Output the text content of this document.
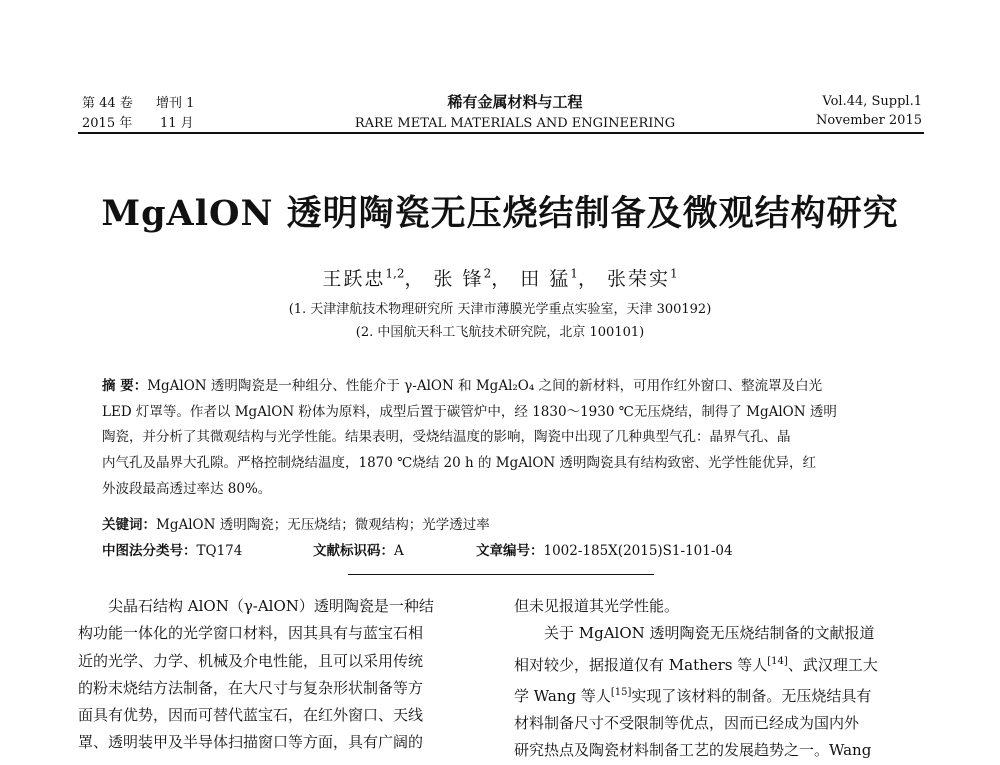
第 44 卷 增刊 1
2015 年 11 月
稀有金属材料与工程
RARE METAL MATERIALS AND ENGINEERING
Vol.44, Suppl.1
November 2015
MgAlON 透明陶瓷无压烧结制备及微观结构研究
王跃忠$^{1,2}$， 张 锋$^2$， 田 猛$^1$， 张荣实$^1$
(1. 天津津航技术物理研究所 天津市薄膜光学重点实验室，天津 300192)
(2. 中国航天科工飞航技术研究院，北京 100101)
摘 要：MgAlON 透明陶瓷是一种组分、性能介于 γ-AlON 和 MgAl₂O₄ 之间的新材料，可用作红外窗口、整流罩及白光
LED 灯罩等。作者以 MgAlON 粉体为原料，成型后置于碳管炉中，经 1830～1930 ℃无压烧结，制得了 MgAlON 透明
陶瓷，并分析了其微观结构与光学性能。结果表明，受烧结温度的影响，陶瓷中出现了几种典型气孔：晶界气孔、晶
内气孔及晶界大孔隙。严格控制烧结温度，1870 ℃烧结 20 h 的 MgAlON 透明陶瓷具有结构致密、光学性能优异，红
外波段最高透过率达 80%。
关键词：MgAlON 透明陶瓷；无压烧结；微观结构；光学透过率
中图法分类号：TQ174	文献标识码：A	文章编号：1002-185X(2015)S1-101-04

尖晶石结构 AlON（γ-AlON）透明陶瓷是一种结

构功能一体化的光学窗口材料，因其具有与蓝宝石相

近的光学、力学、机械及介电性能，且可以采用传统

的粉末烧结方法制备，在大尺寸与复杂形状制备等方

面具有优势，因而可替代蓝宝石，在红外窗口、天线

罩、透明装甲及半导体扫描窗口等方面，具有广阔的

但未见报道其光学性能。

关于 MgAlON 透明陶瓷无压烧结制备的文献报道

相对较少，据报道仅有 Mathers 等人[14]、武汉理工大

学 Wang 等人[15]实现了该材料的制备。无压烧结具有

材料制备尺寸不受限制等优点，因而已经成为国内外

研究热点及陶瓷材料制备工艺的发展趋势之一。Wang
